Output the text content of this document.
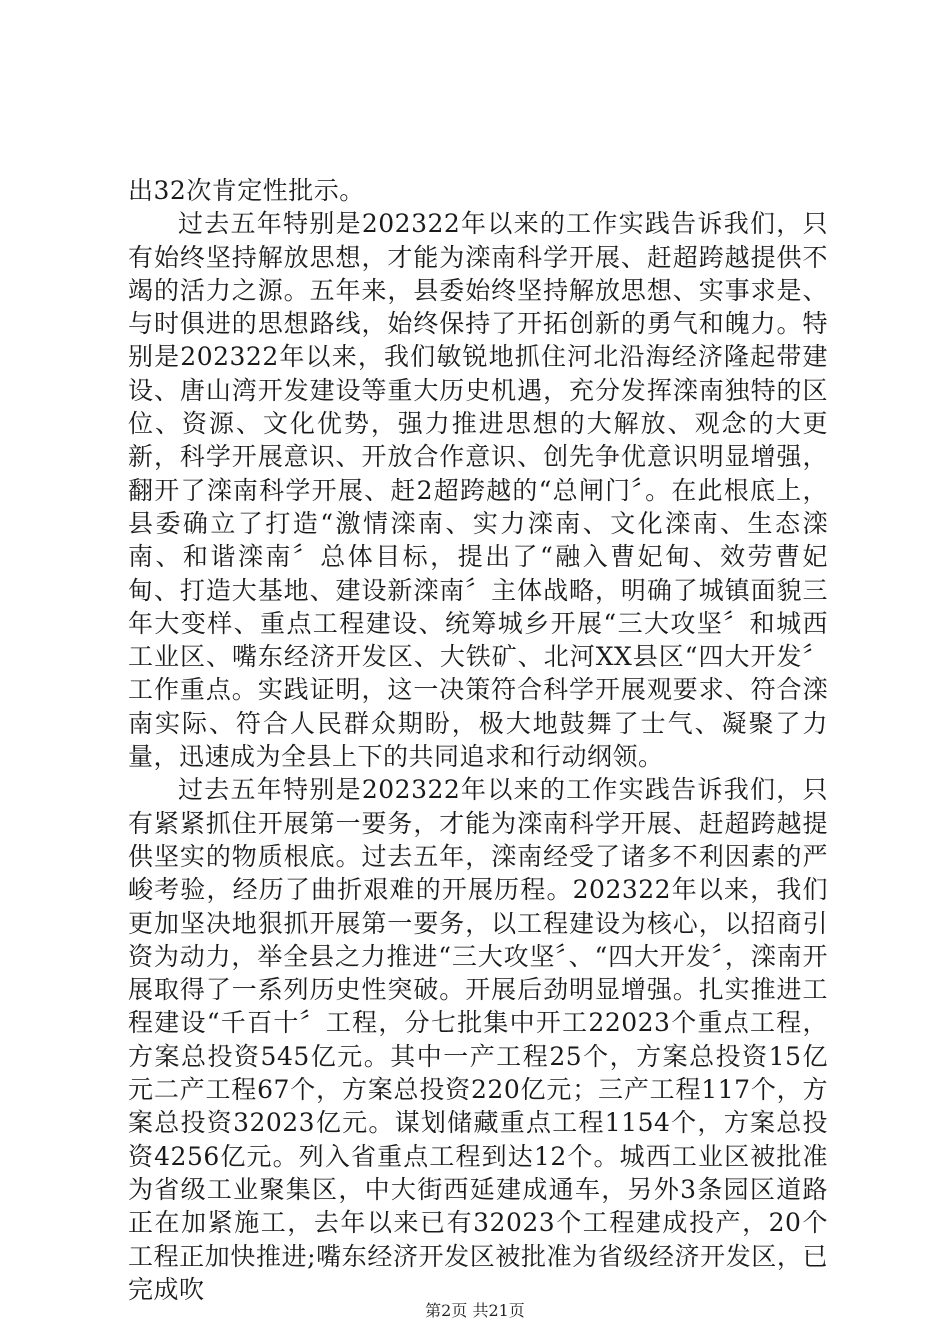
出32次肯定性批示。

过去五年特别是202322年以来的工作实践告诉我们，只有始终坚持解放思想，才能为滦南科学开展、赶超跨越提供不竭的活力之源。五年来，县委始终坚持解放思想、实事求是、与时俱进的思想路线，始终保持了开拓创新的勇气和魄力。特别是202322年以来，我们敏锐地抓住河北沿海经济隆起带建设、唐山湾开发建设等重大历史机遇，充分发挥滦南独特的区位、资源、文化优势，强力推进思想的大解放、观念的大更新，科学开展意识、开放合作意识、创先争优意识明显增强，翻开了滦南科学开展、赶2超跨越的“总闸门〞。在此根底上，县委确立了打造“激情滦南、实力滦南、文化滦南、生态滦南、和谐滦南〞总体目标，提出了“融入曹妃甸、效劳曹妃甸、打造大基地、建设新滦南〞主体战略，明确了城镇面貌三年大变样、重点工程建设、统筹城乡开展“三大攻坚〞和城西工业区、嘴东经济开发区、大铁矿、北河XX县区“四大开发〞工作重点。实践证明，这一决策符合科学开展观要求、符合滦南实际、符合人民群众期盼，极大地鼓舞了士气、凝聚了力量，迅速成为全县上下的共同追求和行动纲领。

过去五年特别是202322年以来的工作实践告诉我们，只有紧紧抓住开展第一要务，才能为滦南科学开展、赶超跨越提供坚实的物质根底。过去五年，滦南经受了诸多不利因素的严峻考验，经历了曲折艰难的开展历程。202322年以来，我们更加坚决地狠抓开展第一要务，以工程建设为核心，以招商引资为动力，举全县之力推进“三大攻坚〞、“四大开发〞，滦南开展取得了一系列历史性突破。开展后劲明显增强。扎实推进工程建设“千百十〞工程，分七批集中开工22023个重点工程，方案总投资545亿元。其中一产工程25个，方案总投资15亿元二产工程67个，方案总投资220亿元；三产工程117个，方案总投资32023亿元。谋划储藏重点工程1154个，方案总投资4256亿元。列入省重点工程到达12个。城西工业区被批准为省级工业聚集区，中大街西延建成通车，另外3条园区道路正在加紧施工，去年以来已有32023个工程建成投产，20个工程正加快推进;嘴东经济开发区被批准为省级经济开发区，已完成吹

第2页 共21页
